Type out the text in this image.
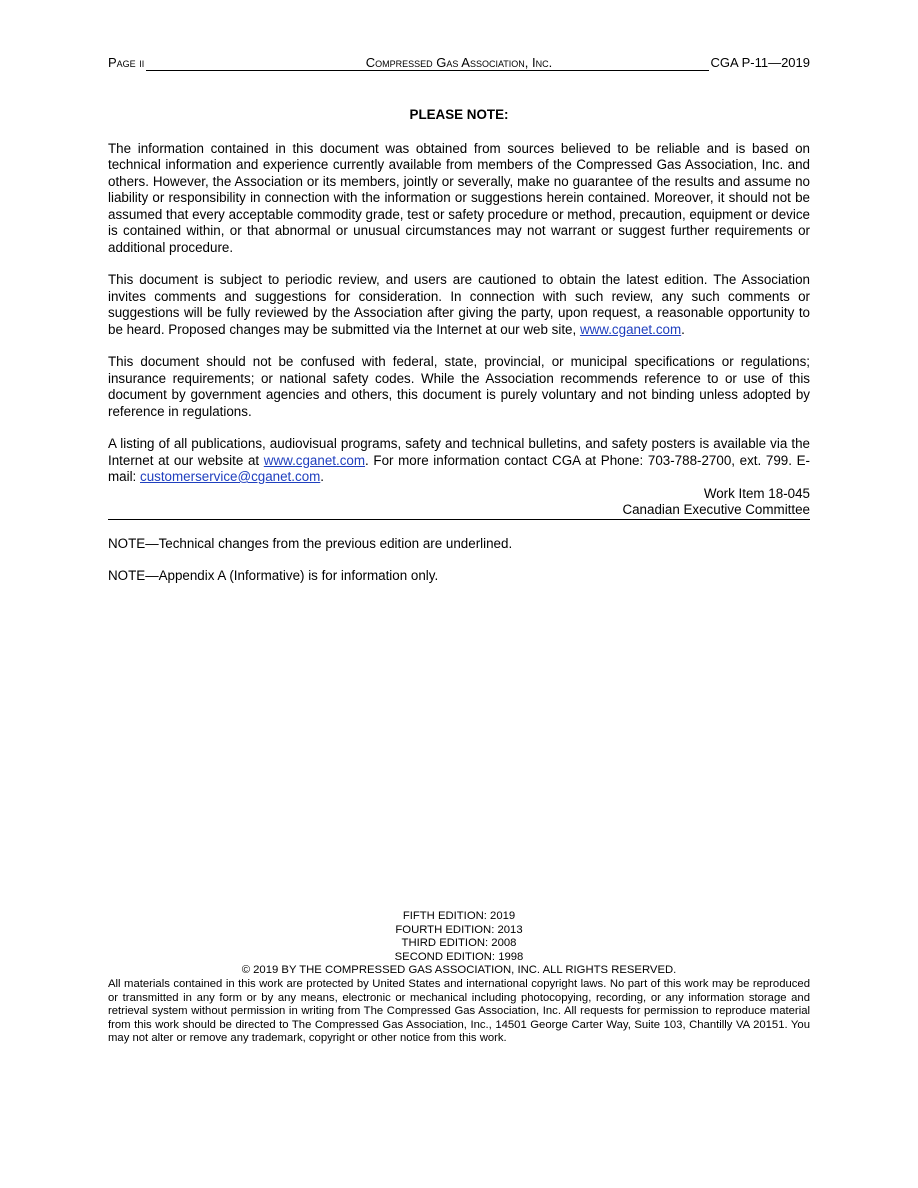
Page ii	Compressed Gas Association, Inc.	CGA P-11—2019

PLEASE NOTE:

The information contained in this document was obtained from sources believed to be reliable and is based on technical information and experience currently available from members of the Compressed Gas Association, Inc. and others. However, the Association or its members, jointly or severally, make no guarantee of the results and assume no liability or responsibility in connection with the information or suggestions herein contained. Moreover, it should not be assumed that every acceptable commodity grade, test or safety procedure or method, precaution, equipment or device is contained within, or that abnormal or unusual circumstances may not warrant or suggest further requirements or additional procedure.

This document is subject to periodic review, and users are cautioned to obtain the latest edition. The Association invites comments and suggestions for consideration. In connection with such review, any such comments or suggestions will be fully reviewed by the Association after giving the party, upon request, a reasonable opportunity to be heard. Proposed changes may be submitted via the Internet at our web site, www.cganet.com.

This document should not be confused with federal, state, provincial, or municipal specifications or regulations; insurance requirements; or national safety codes. While the Association recommends reference to or use of this document by government agencies and others, this document is purely voluntary and not binding unless adopted by reference in regulations.

A listing of all publications, audiovisual programs, safety and technical bulletins, and safety posters is available via the Internet at our website at www.cganet.com. For more information contact CGA at Phone: 703-788-2700, ext. 799. E-mail: customerservice@cganet.com.

Work Item 18-045

Canadian Executive Committee

NOTE—Technical changes from the previous edition are underlined.

NOTE—Appendix A (Informative) is for information only.

FIFTH EDITION: 2019
FOURTH EDITION: 2013
THIRD EDITION: 2008
SECOND EDITION: 1998
© 2019 BY THE COMPRESSED GAS ASSOCIATION, INC. ALL RIGHTS RESERVED.
All materials contained in this work are protected by United States and international copyright laws. No part of this work may be reproduced or transmitted in any form or by any means, electronic or mechanical including photocopying, recording, or any information storage and retrieval system without permission in writing from The Compressed Gas Association, Inc. All requests for permission to reproduce material from this work should be directed to The Compressed Gas Association, Inc., 14501 George Carter Way, Suite 103, Chantilly VA 20151. You may not alter or remove any trademark, copyright or other notice from this work.
